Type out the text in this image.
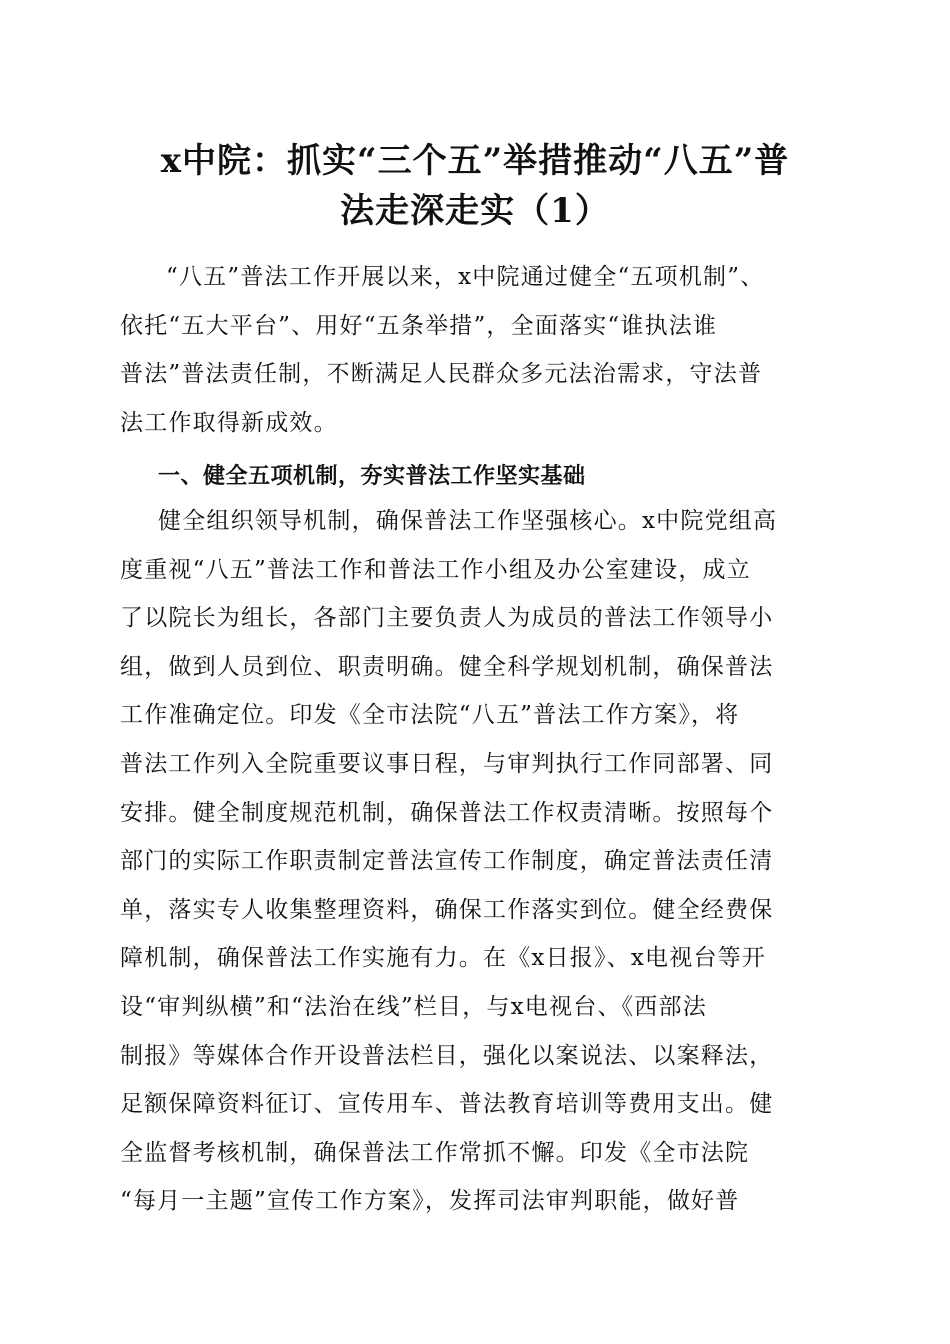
x中院：抓实“三个五”举措推动“八五”普
法走深走实（1）
“八五”普法工作开展以来，x中院通过健全“五项机制”、
依托“五大平台”、用好“五条举措”，全面落实“谁执法谁
普法”普法责任制，不断满足人民群众多元法治需求，守法普
法工作取得新成效。
一、健全五项机制，夯实普法工作坚实基础
健全组织领导机制，确保普法工作坚强核心。x中院党组高
度重视“八五”普法工作和普法工作小组及办公室建设，成立
了以院长为组长，各部门主要负责人为成员的普法工作领导小
组，做到人员到位、职责明确。健全科学规划机制，确保普法
工作准确定位。印发《全市法院“八五”普法工作方案》，将
普法工作列入全院重要议事日程，与审判执行工作同部署、同
安排。健全制度规范机制，确保普法工作权责清晰。按照每个
部门的实际工作职责制定普法宣传工作制度，确定普法责任清
单，落实专人收集整理资料，确保工作落实到位。健全经费保
障机制，确保普法工作实施有力。在《x日报》、x电视台等开
设“审判纵横”和“法治在线”栏目，与x电视台、《西部法
制报》等媒体合作开设普法栏目，强化以案说法、以案释法，
足额保障资料征订、宣传用车、普法教育培训等费用支出。健
全监督考核机制，确保普法工作常抓不懈。印发《全市法院
“每月一主题”宣传工作方案》，发挥司法审判职能，做好普
